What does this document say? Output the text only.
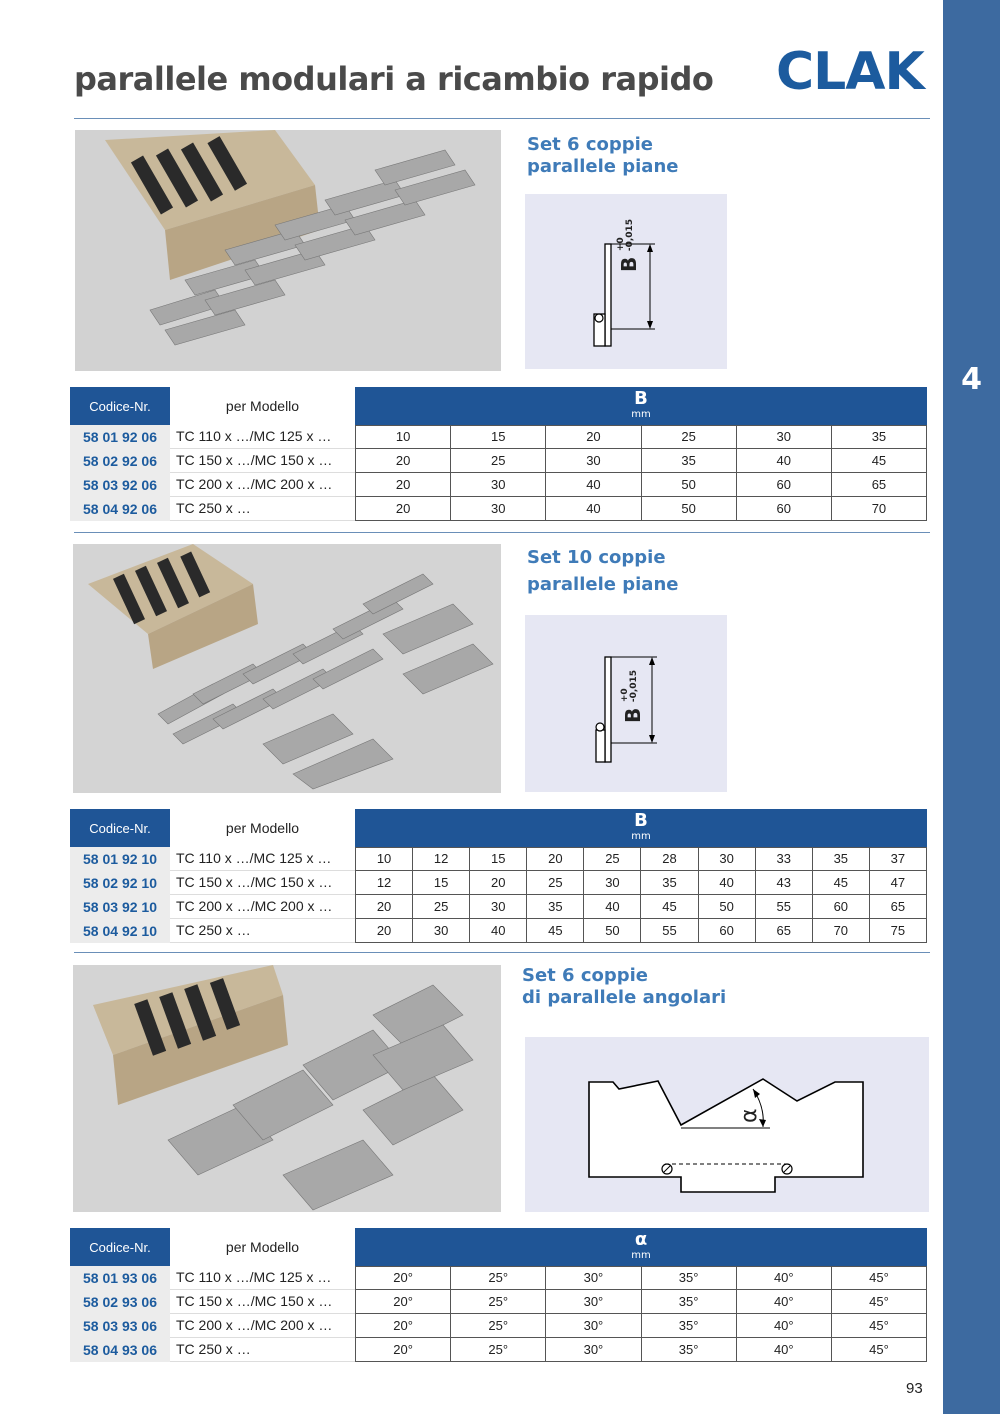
4
parallele modulari a ricambio rapido CLAK
Set 6 coppie
parallele piane
B +0
-0,015
Codice-Nr.	per Modello	B
mm
58 01 92 06	TC 110 x …/MC 125 x …	10	15	20	25	30	35
58 02 92 06	TC 150 x …/MC 150 x …	20	25	30	35	40	45
58 03 92 06	TC 200 x …/MC 200 x …	20	30	40	50	60	65
58 04 92 06	TC 250 x …	20	30	40	50	60	70
Set 10 coppie
parallele piane
B +0
-0,015
Codice-Nr.	per Modello	B
mm
58 01 92 10	TC 110 x …/MC 125 x …	10	12	15	20	25	28	30	33	35	37
58 02 92 10	TC 150 x …/MC 150 x …	12	15	20	25	30	35	40	43	45	47
58 03 92 10	TC 200 x …/MC 200 x …	20	25	30	35	40	45	50	55	60	65
58 04 92 10	TC 250 x …	20	30	40	45	50	55	60	65	70	75
Set 6 coppie
di parallele angolari
α
Codice-Nr.	per Modello	α
mm
58 01 93 06	TC 110 x …/MC 125 x …	20°	25°	30°	35°	40°	45°
58 02 93 06	TC 150 x …/MC 150 x …	20°	25°	30°	35°	40°	45°
58 03 93 06	TC 200 x …/MC 200 x …	20°	25°	30°	35°	40°	45°
58 04 93 06	TC 250 x …	20°	25°	30°	35°	40°	45°
93
